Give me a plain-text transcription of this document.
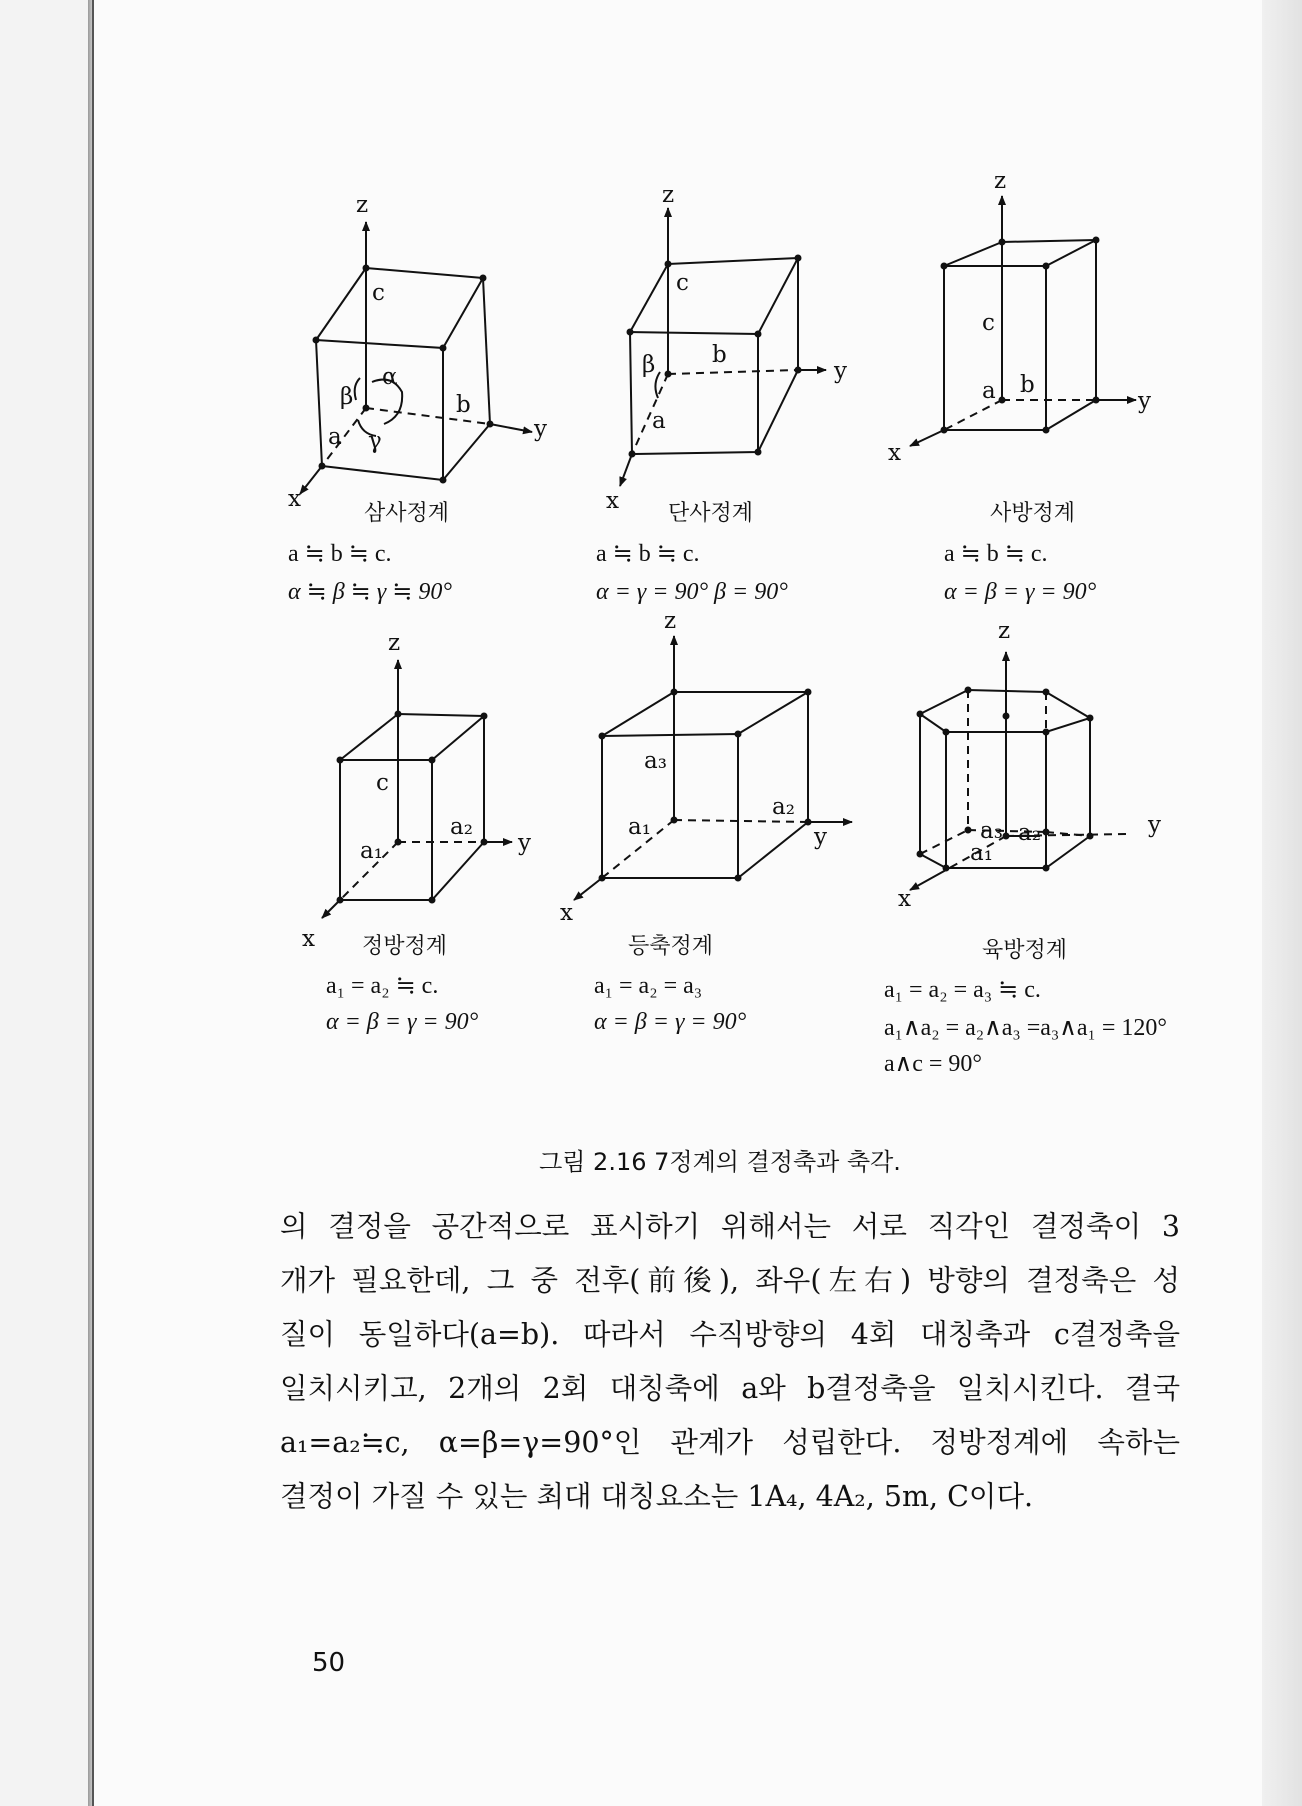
z
y
x
c
b
a
α
β
γ
삼사정계
a ≒ b ≒ c.
α ≒ β ≒ γ ≒ 90°
z
y
x
c
b
a
β
단사정계
a ≒ b ≒ c.
α = γ = 90° β = 90°
z
y
x
c
b
a
사방정계
a ≒ b ≒ c.
α = β = γ = 90°
z
y
x
c
a₂
a₁
정방정계
a₁ = a₂ ≒ c.
α = β = γ = 90°
z
y
x
a₃
a₂
a₁
등축정계
a₁ = a₂ = a₃
α = β = γ = 90°
z
y
x
a₃ a₂
a₁
육방정계
a₁ = a₂ = a₃ ≒ c.
a₁∧a₂ = a₂∧a₃ =a₃∧a₁ = 120°
a∧c = 90°
그림 2.16 7정계의 결정축과 축각.

의 결정을 공간적으로 표시하기 위해서는 서로 직각인 결정축이 3

개가 필요한데, 그 중 전후(前後), 좌우(左右) 방향의 결정축은 성

질이 동일하다(a=b). 따라서 수직방향의 4회 대칭축과 c결정축을

일치시키고, 2개의 2회 대칭축에 a와 b결정축을 일치시킨다. 결국

a₁=a₂≒c, α=β=γ=90°인 관계가 성립한다. 정방정계에 속하는

결정이 가질 수 있는 최대 대칭요소는 1A₄, 4A₂, 5m, C이다.

50
